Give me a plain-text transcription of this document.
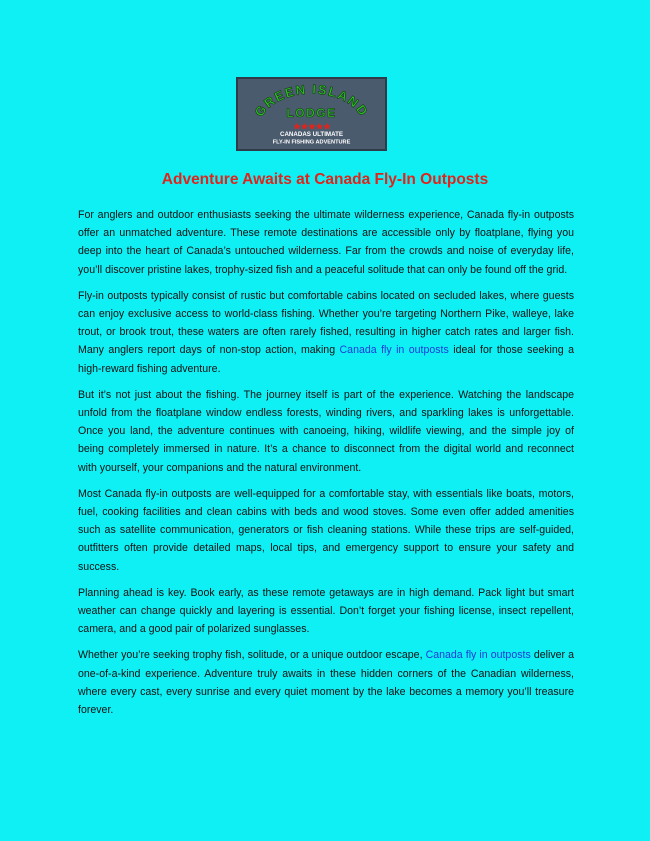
GREEN ISLAND
LODGE
CANADAS ULTIMATE
FLY-IN FISHING ADVENTURE
Adventure Awaits at Canada Fly-In Outposts

For anglers and outdoor enthusiasts seeking the ultimate wilderness experience, Canada fly-in outposts offer an unmatched adventure. These remote destinations are accessible only by floatplane, flying you deep into the heart of Canada’s untouched wilderness. Far from the crowds and noise of everyday life, you’ll discover pristine lakes, trophy-sized fish and a peaceful solitude that can only be found off the grid.

Fly-in outposts typically consist of rustic but comfortable cabins located on secluded lakes, where guests can enjoy exclusive access to world-class fishing. Whether you’re targeting Northern Pike, walleye, lake trout, or brook trout, these waters are often rarely fished, resulting in higher catch rates and larger fish. Many anglers report days of non-stop action, making Canada fly in outposts ideal for those seeking a high-reward fishing adventure.

But it’s not just about the fishing. The journey itself is part of the experience. Watching the landscape unfold from the floatplane window endless forests, winding rivers, and sparkling lakes is unforgettable. Once you land, the adventure continues with canoeing, hiking, wildlife viewing, and the simple joy of being completely immersed in nature. It’s a chance to disconnect from the digital world and reconnect with yourself, your companions and the natural environment.

Most Canada fly-in outposts are well-equipped for a comfortable stay, with essentials like boats, motors, fuel, cooking facilities and clean cabins with beds and wood stoves. Some even offer added amenities such as satellite communication, generators or fish cleaning stations. While these trips are self-guided, outfitters often provide detailed maps, local tips, and emergency support to ensure your safety and success.

Planning ahead is key. Book early, as these remote getaways are in high demand. Pack light but smart weather can change quickly and layering is essential. Don’t forget your fishing license, insect repellent, camera, and a good pair of polarized sunglasses.

Whether you’re seeking trophy fish, solitude, or a unique outdoor escape, Canada fly in outposts deliver a one-of-a-kind experience. Adventure truly awaits in these hidden corners of the Canadian wilderness, where every cast, every sunrise and every quiet moment by the lake becomes a memory you’ll treasure forever.
